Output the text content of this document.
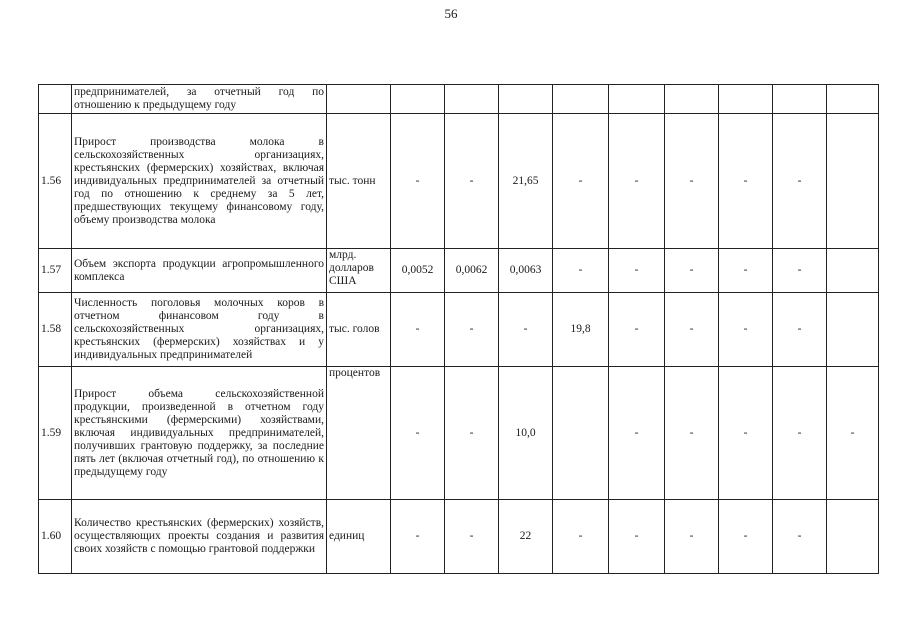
56
	предпринимателей, за отчетный год по отношению к предыдущему году										
1.56	Прирост производства молока в сельскохозяйственных организациях, крестьянских (фермерских) хозяйствах, включая индивидуальных предпринимателей за отчетный год по отношению к среднему за 5 лет, предшествующих текущему финансовому году, объему производства молока	тыс. тонн	-	-	21,65	-	-	-	-	-	
1.57	Объем экспорта продукции агропромышленного комплекса	млрд. долларов США	0,0052	0,0062	0,0063	-	-	-	-	-	
1.58	Численность поголовья молочных коров в отчетном финансовом году в сельскохозяйственных организациях, крестьянских (фермерских) хозяйствах и у индивидуальных предпринимателей	тыс. голов	-	-	-	19,8	-	-	-	-	
1.59	Прирост объема сельскохозяйственной продукции, произведенной в отчетном году крестьянскими (фермерскими) хозяйствами, включая индивидуальных предпринимателей, получивших грантовую поддержку, за последние пять лет (включая отчетный год), по отношению к предыдущему году	процентов	-	-	10,0		-	-	-	-	-
1.60	Количество крестьянских (фермерских) хозяйств, осуществляющих проекты создания и развития своих хозяйств с помощью грантовой поддержки	единиц	-	-	22	-	-	-	-	-	
